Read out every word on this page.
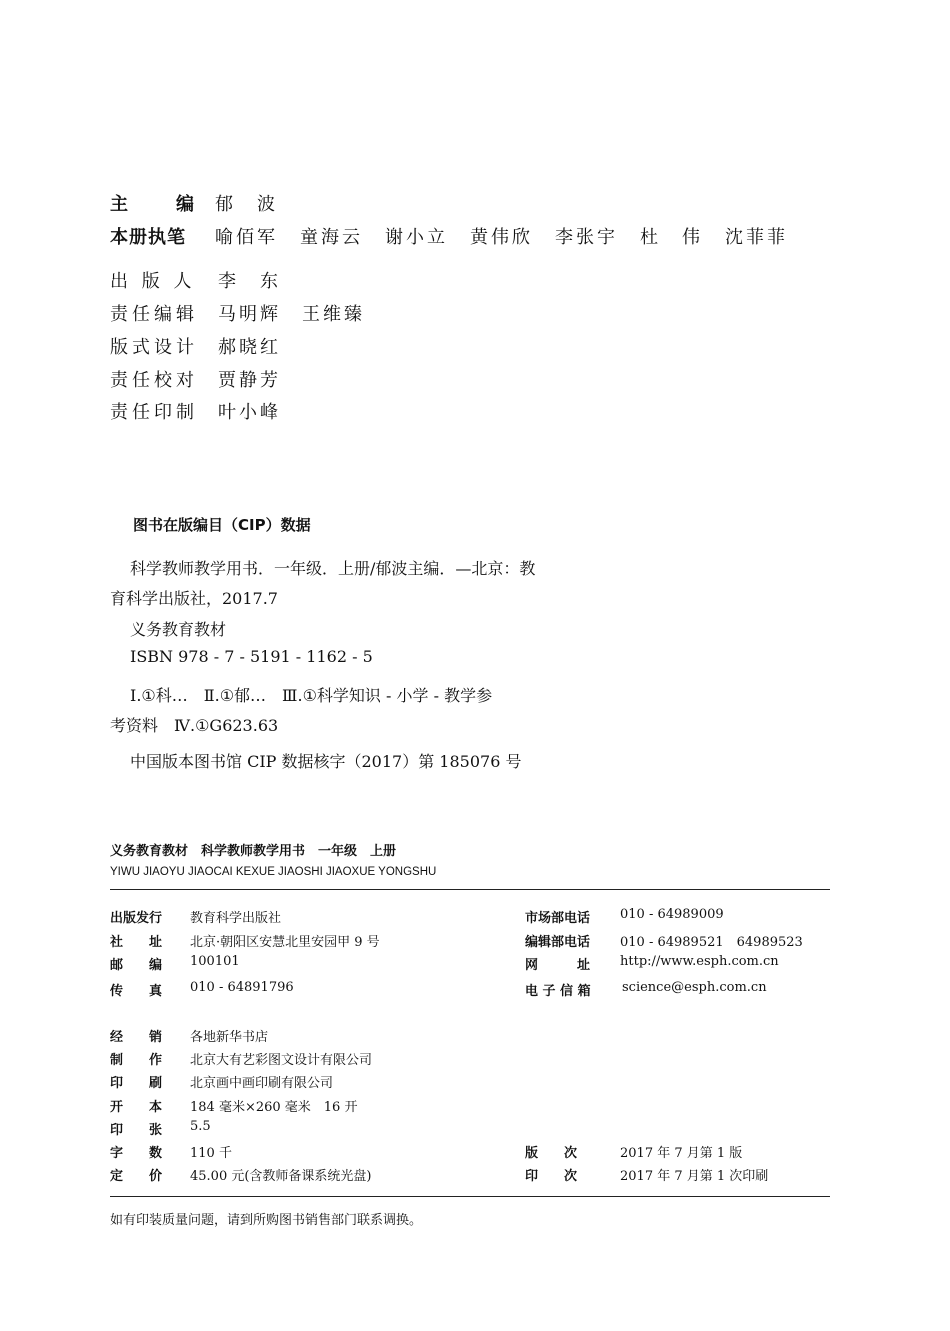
主　　编 郁　波
本册执笔 喻佰军 童海云 谢小立 黄伟欣 李张宇 杜　伟 沈菲菲
出 版 人 李　东
责任编辑 马明辉　王维臻
版式设计 郝晓红
责任校对 贾静芳
责任印制 叶小峰
图书在版编目（CIP）数据
科学教师教学用书．一年级．上册/郁波主编．—北京：教
育科学出版社，2017.7
义务教育教材
ISBN 978 - 7 - 5191 - 1162 - 5
Ⅰ.①科…　Ⅱ.①郁…　Ⅲ.①科学知识 - 小学 - 教学参
考资料　Ⅳ.①G623.63
中国版本图书馆 CIP 数据核字（2017）第 185076 号
义务教育教材　科学教师教学用书　一年级　上册
YIWU JIAOYU JIAOCAI KEXUE JIAOSHI JIAOXUE YONGSHU
出版发行 教育科学出版社
社　　址 北京·朝阳区安慧北里安园甲 9 号
邮　　编 100101
传　　真 010 - 64891796
市场部电话 010 - 64989009
编辑部电话 010 - 64989521　64989523
网　　　址 http://www.esph.com.cn
电 子 信 箱 science@esph.com.cn
经　　销 各地新华书店
制　　作 北京大有艺彩图文设计有限公司
印　　刷 北京画中画印刷有限公司
开　　本 184 毫米×260 毫米　16 开
印　　张 5.5
字　　数 110 千
定　　价 45.00 元(含教师备课系统光盘)
版　　次	2017 年 7 月第 1 版
印　　次	2017 年 7 月第 1 次印刷
如有印装质量问题，请到所购图书销售部门联系调换。
